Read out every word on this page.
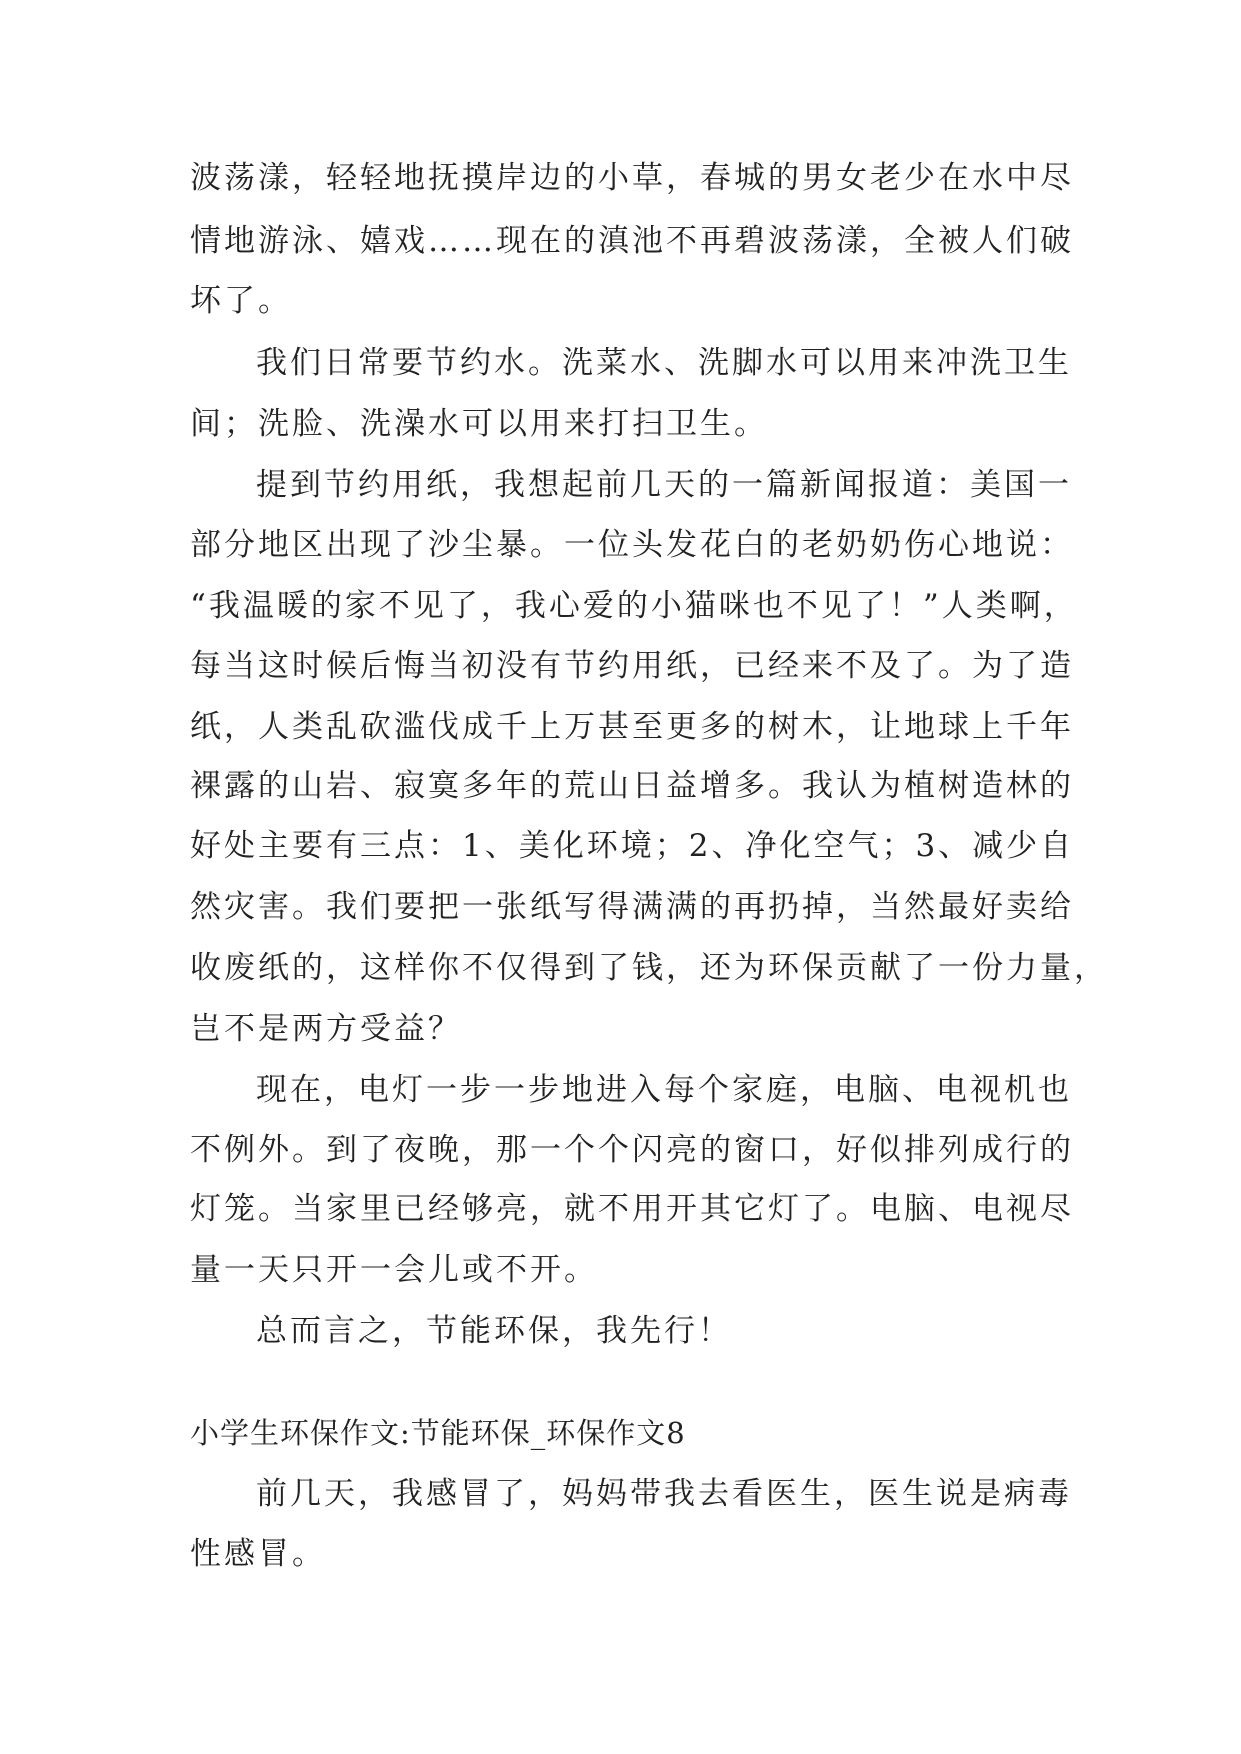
波荡漾，轻轻地抚摸岸边的小草，春城的男女老少在水中尽

情地游泳、嬉戏……现在的滇池不再碧波荡漾，全被人们破

坏了。

我们日常要节约水。洗菜水、洗脚水可以用来冲洗卫生

间；洗脸、洗澡水可以用来打扫卫生。

提到节约用纸，我想起前几天的一篇新闻报道：美国一

部分地区出现了沙尘暴。一位头发花白的老奶奶伤心地说：

“我温暖的家不见了，我心爱的小猫咪也不见了！”人类啊，

每当这时候后悔当初没有节约用纸，已经来不及了。为了造

纸，人类乱砍滥伐成千上万甚至更多的树木，让地球上千年

裸露的山岩、寂寞多年的荒山日益增多。我认为植树造林的

好处主要有三点：1、美化环境；2、净化空气；3、减少自

然灾害。我们要把一张纸写得满满的再扔掉，当然最好卖给

收废纸的，这样你不仅得到了钱，还为环保贡献了一份力量，

岂不是两方受益？

现在，电灯一步一步地进入每个家庭，电脑、电视机也

不例外。到了夜晚，那一个个闪亮的窗口，好似排列成行的

灯笼。当家里已经够亮，就不用开其它灯了。电脑、电视尽

量一天只开一会儿或不开。

总而言之，节能环保，我先行！

小学生环保作文:节能环保_环保作文8

前几天，我感冒了，妈妈带我去看医生，医生说是病毒

性感冒。
